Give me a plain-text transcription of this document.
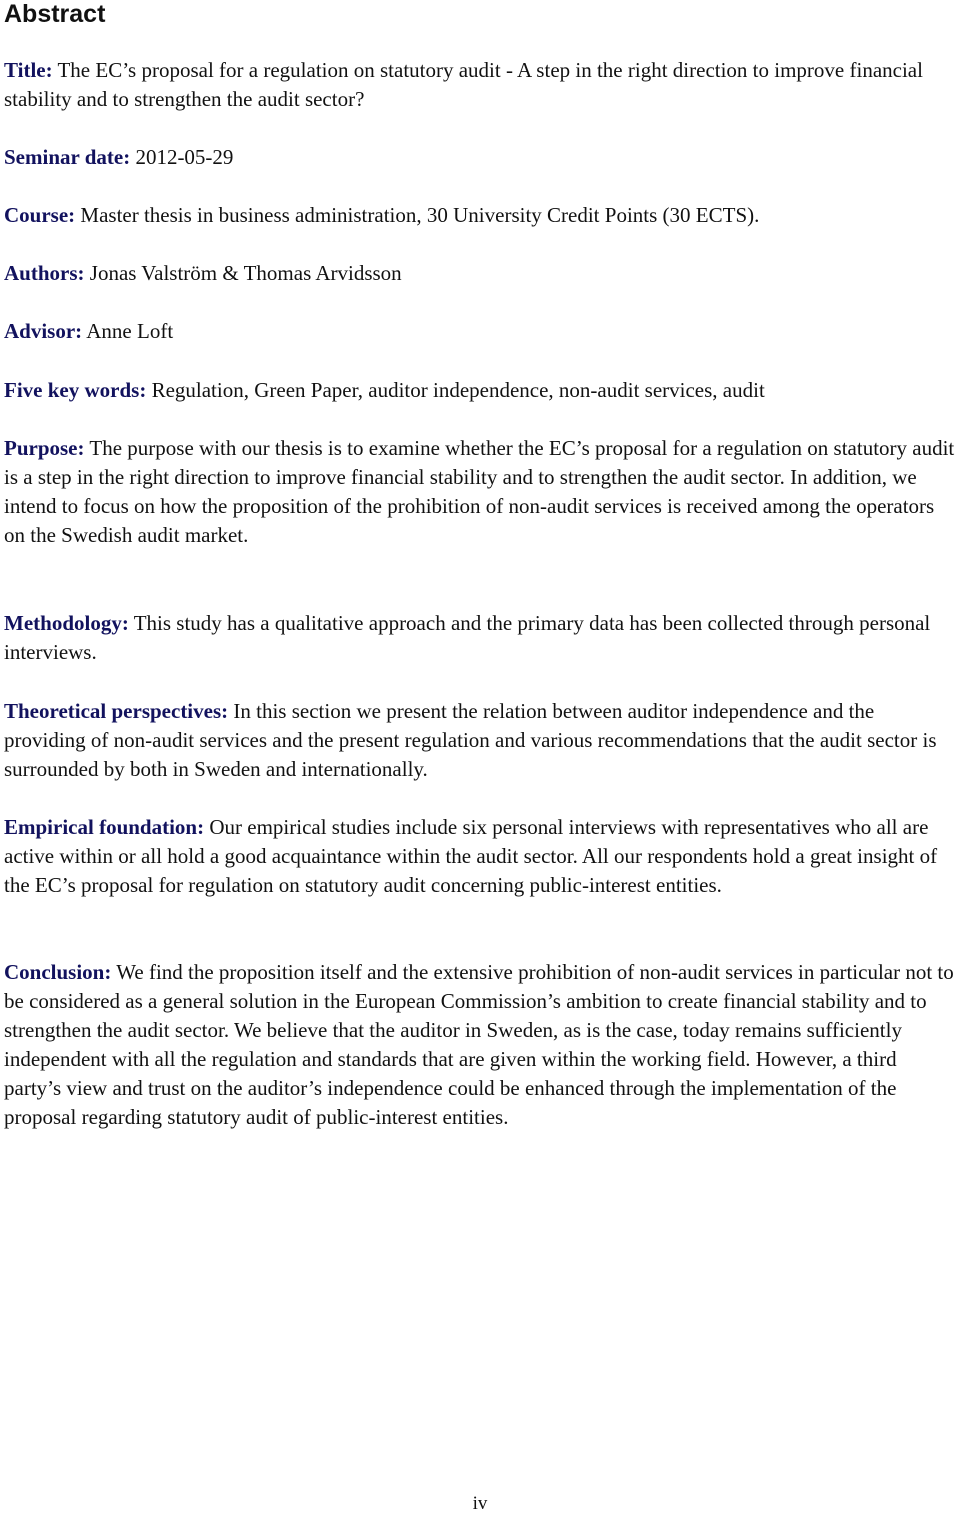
Abstract

Title: The EC’s proposal for a regulation on statutory audit - A step in the right direction to improve financial stability and to strengthen the audit sector?

Seminar date: 2012-05-29

Course: Master thesis in business administration, 30 University Credit Points (30 ECTS).

Authors: Jonas Valström & Thomas Arvidsson

Advisor: Anne Loft

Five key words: Regulation, Green Paper, auditor independence, non-audit services, audit

Purpose: The purpose with our thesis is to examine whether the EC’s proposal for a regulation on statutory audit is a step in the right direction to improve financial stability and to strengthen the audit sector. In addition, we intend to focus on how the proposition of the prohibition of non-audit services is received among the operators on the Swedish audit market.

Methodology: This study has a qualitative approach and the primary data has been collected through personal interviews.

Theoretical perspectives: In this section we present the relation between auditor independence and the providing of non-audit services and the present regulation and various recommendations that the audit sector is surrounded by both in Sweden and internationally.

Empirical foundation: Our empirical studies include six personal interviews with representatives who all are active within or all hold a good acquaintance within the audit sector. All our respondents hold a great insight of the EC’s proposal for regulation on statutory audit concerning public-interest entities.

Conclusion: We find the proposition itself and the extensive prohibition of non-audit services in particular not to be considered as a general solution in the European Commission’s ambition to create financial stability and to strengthen the audit sector. We believe that the auditor in Sweden, as is the case, today remains sufficiently independent with all the regulation and standards that are given within the working field. However, a third party’s view and trust on the auditor’s independence could be enhanced through the implementation of the proposal regarding statutory audit of public-interest entities.

iv
